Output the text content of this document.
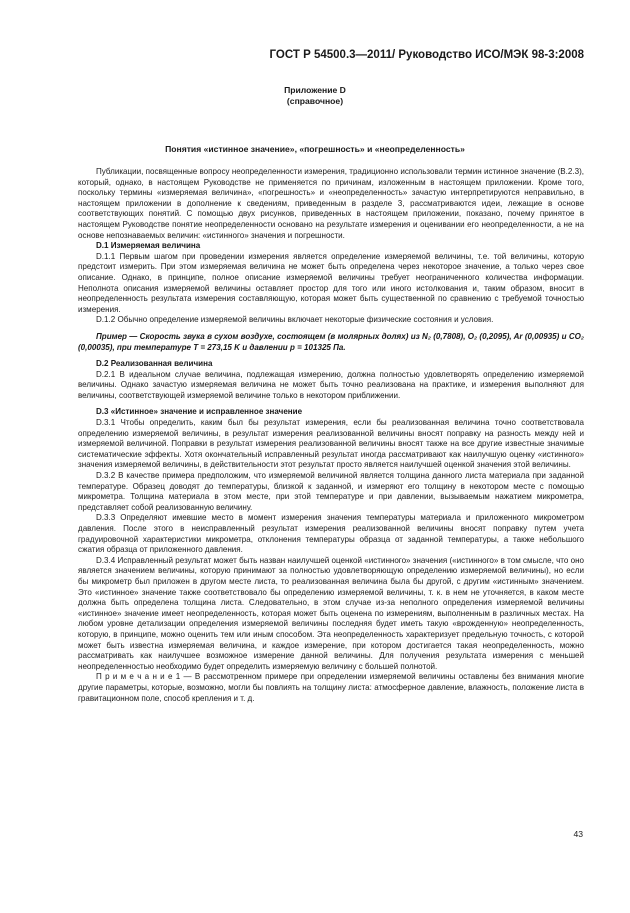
ГОСТ Р 54500.3—2011/ Руководство ИСО/МЭК 98-3:2008
Приложение D
(справочное)
Понятия «истинное значение», «погрешность» и «неопределенность»

Публикации, посвященные вопросу неопределенности измерения, традиционно использовали термин истинное значение (B.2.3), который, однако, в настоящем Руководстве не применяется по причинам, изложенным в настоящем приложении. Кроме того, поскольку термины «измеряемая величина», «погрешность» и «неопределенность» зачастую интерпретируются неправильно, в настоящем приложении в дополнение к сведениям, приведенным в разделе 3, рассматриваются идеи, лежащие в основе соответствующих понятий. С помощью двух рисунков, приведенных в настоящем приложении, показано, почему принятое в настоящем Руководстве понятие неопределенности основано на результате измерения и оценивании его неопределенности, а не на основе непознаваемых величин: «истинного» значения и погрешности.

D.1 Измеряемая величина

D.1.1 Первым шагом при проведении измерения является определение измеряемой величины, т.е. той величины, которую предстоит измерить. При этом измеряемая величина не может быть определена через некоторое значение, а только через свое описание. Однако, в принципе, полное описание измеряемой величины требует неограниченного количества информации. Неполнота описания измеряемой величины оставляет простор для того или иного истолкования и, таким образом, вносит в неопределенность результата измерения составляющую, которая может быть существенной по сравнению с требуемой точностью измерения.

D.1.2 Обычно определение измеряемой величины включает некоторые физические состояния и условия.

Пример — Скорость звука в сухом воздухе, состоящем (в молярных долях) из N₂ (0,7808), O₂ (0,2095), Ar (0,00935) и CO₂ (0,00035), при температуре T = 273,15 K и давлении p = 101325 Па.

D.2 Реализованная величина

D.2.1 В идеальном случае величина, подлежащая измерению, должна полностью удовлетворять определению измеряемой величины. Однако зачастую измеряемая величина не может быть точно реализована на практике, и измерения выполняют для величины, соответствующей измеряемой величине только в некотором приближении.

D.3 «Истинное» значение и исправленное значение

D.3.1 Чтобы определить, каким был бы результат измерения, если бы реализованная величина точно соответствовала определению измеряемой величины, в результат измерения реализованной величины вносят поправку на разность между ней и измеряемой величиной. Поправки в результат измерения реализованной величины вносят также на все другие известные значимые систематические эффекты. Хотя окончательный исправленный результат иногда рассматривают как наилучшую оценку «истинного» значения измеряемой величины, в действительности этот результат просто является наилучшей оценкой значения этой величины.

D.3.2 В качестве примера предположим, что измеряемой величиной является толщина данного листа материала при заданной температуре. Образец доводят до температуры, близкой к заданной, и измеряют его толщину в некотором месте с помощью микрометра. Толщина материала в этом месте, при этой температуре и при давлении, вызываемым нажатием микрометра, представляет собой реализованную величину.

D.3.3 Определяют имевшие место в момент измерения значения температуры материала и приложенного микрометром давления. После этого в неисправленный результат измерения реализованной величины вносят поправку путем учета градуировочной характеристики микрометра, отклонения температуры образца от заданной температуры, а также небольшого сжатия образца от приложенного давления.

D.3.4 Исправленный результат может быть назван наилучшей оценкой «истинного» значения («истинного» в том смысле, что оно является значением величины, которую принимают за полностью удовлетворяющую определению измеряемой величины), но если бы микрометр был приложен в другом месте листа, то реализованная величина была бы другой, с другим «истинным» значением. Это «истинное» значение также соответствовало бы определению измеряемой величины, т. к. в нем не уточняется, в каком месте должна быть определена толщина листа. Следовательно, в этом случае из-за неполного определения измеряемой величины «истинное» значение имеет неопределенность, которая может быть оценена по измерениям, выполненным в различных местах. На любом уровне детализации определения измеряемой величины последняя будет иметь такую «врожденную» неопределенность, которую, в принципе, можно оценить тем или иным способом. Эта неопределенность характеризует предельную точность, с которой может быть известна измеряемая величина, и каждое измерение, при котором достигается такая неопределенность, можно рассматривать как наилучшее возможное измерение данной величины. Для получения результата измерения с меньшей неопределенностью необходимо будет определить измеряемую величину с большей полнотой.

П р и м е ч а н и е 1 — В рассмотренном примере при определении измеряемой величины оставлены без внимания многие другие параметры, которые, возможно, могли бы повлиять на толщину листа: атмосферное давление, влажность, положение листа в гравитационном поле, способ крепления и т. д.

43
